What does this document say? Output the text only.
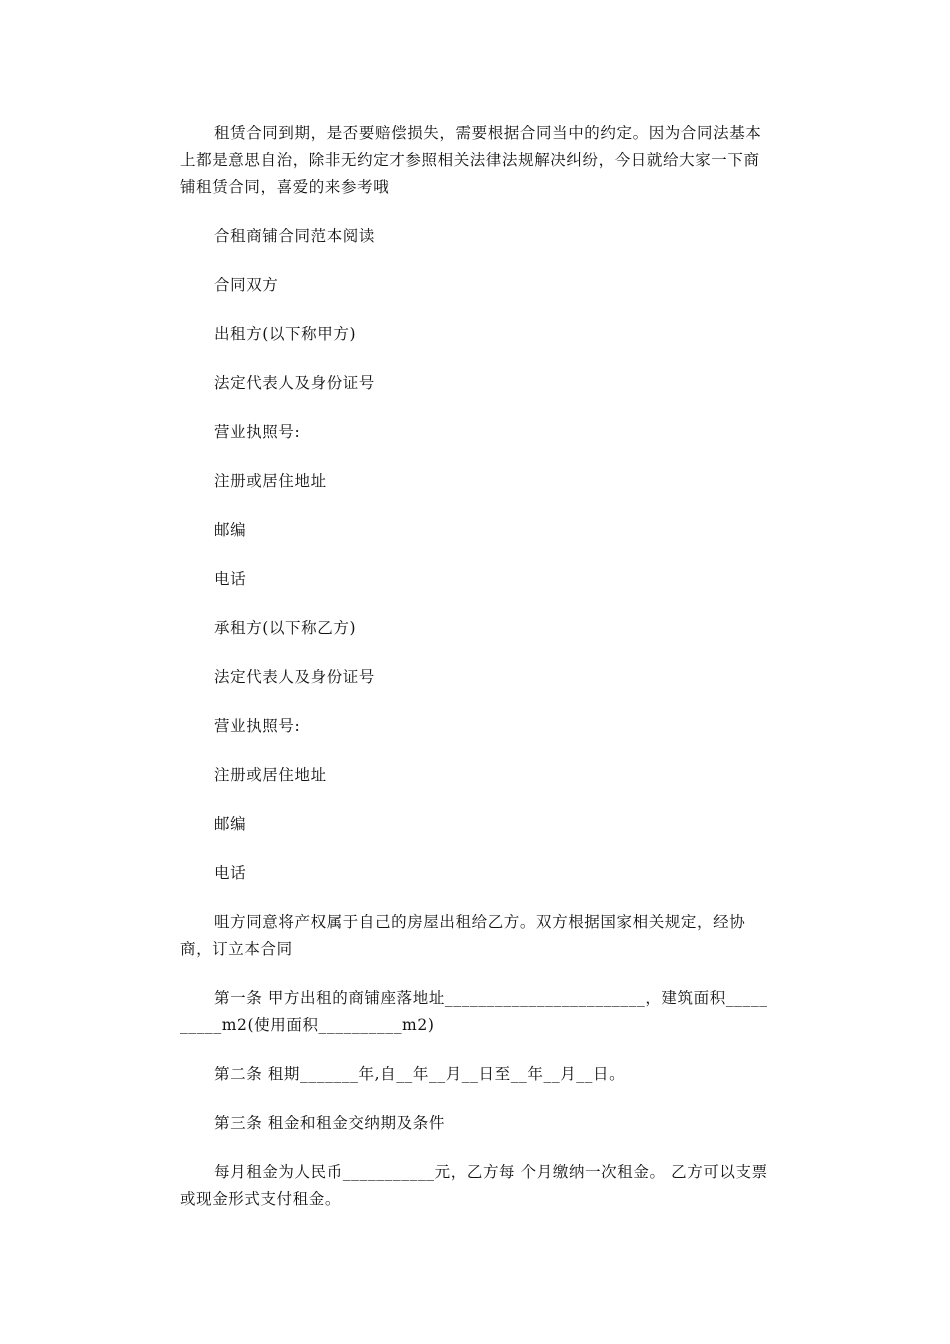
租赁合同到期，是否要赔偿损失，需要根据合同当中的约定。因为合同法基本上都是意思自治，除非无约定才参照相关法律法规解决纠纷，今日就给大家一下商铺租赁合同，喜爱的来参考哦

合租商铺合同范本阅读

合同双方

出租方(以下称甲方)

法定代表人及身份证号

营业执照号:

注册或居住地址

邮编

电话

承租方(以下称乙方)

法定代表人及身份证号

营业执照号:

注册或居住地址

邮编

电话

咀方同意将产权属于自己的房屋出租给乙方。双方根据国家相关规定，经协商，订立本合同

第一条 甲方出租的商铺座落地址________________________，建筑面积__________m2(使用面积__________m2)

第二条 租期_______年,自__年__月__日至__年__月__日。

第三条 租金和租金交纳期及条件

每月租金为人民币___________元，乙方每 个月缴纳一次租金。 乙方可以支票或现金形式支付租金。
